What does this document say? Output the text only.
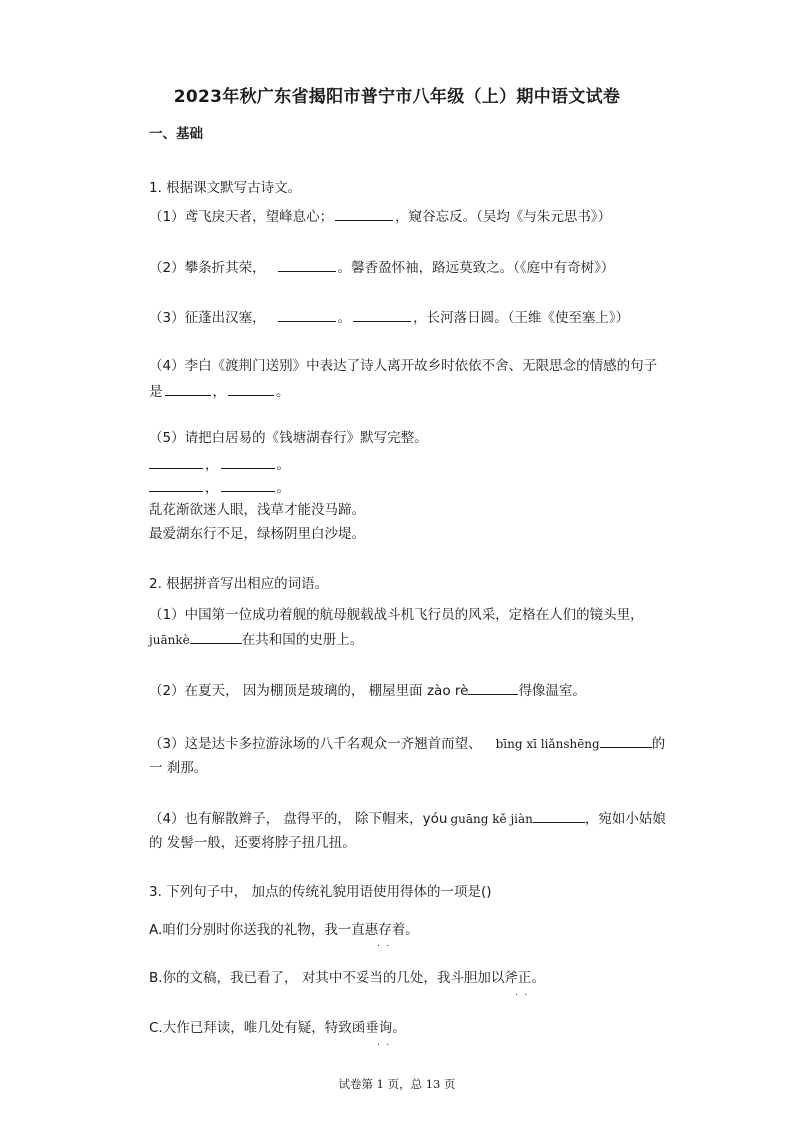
2023年秋广东省揭阳市普宁市八年级（上）期中语文试卷
一、基础
1. 根据课文默写古诗文。
（1）鸢飞戾天者，望峰息心；	，窥谷忘反。（吴均《与朱元思书》）
（2）攀条折其荣，	。馨香盈怀袖，路远莫致之。（《庭中有奇树》）
（3）征蓬出汉塞，	。	，长河落日圆。（王维《使至塞上》）
（4）李白《渡荆门送别》中表达了诗人离开故乡时依依不舍、无限思念的情感的句子
是	，	。
（5）请把白居易的《钱塘湖春行》默写完整。
，	。
，	。
乱花渐欲迷人眼，浅草才能没马蹄。
最爱湖东行不足，绿杨阴里白沙堤。
2. 根据拼音写出相应的词语。
（1）中国第一位成功着舰的航母舰载战斗机飞行员的风采，定格在人们的镜头里，
juānkè	在共和国的史册上。
（2）在夏天， 因为棚顶是玻璃的， 棚屋里面 zào rè	得像温室。
（3）这是达卡多拉游泳场的八千名观众一齐翘首而望、 bīng xī liǎnshēng	的
一 刹那。
（4）也有解散辫子， 盘得平的， 除下帽来，yóu guāng kě jiàn	，宛如小姑娘
的 发髻一般，还要将脖子扭几扭。
3. 下列句子中， 加点的传统礼貌用语使用得体的一项是()
A.咱们分别时你送我的礼物，我一直惠存着。
··
B.你的文稿，我已看了， 对其中不妥当的几处，我斗胆加以斧正。
··
C.大作已拜读，唯几处有疑，特致函垂询。
··
试卷第 1 页，总 13 页
